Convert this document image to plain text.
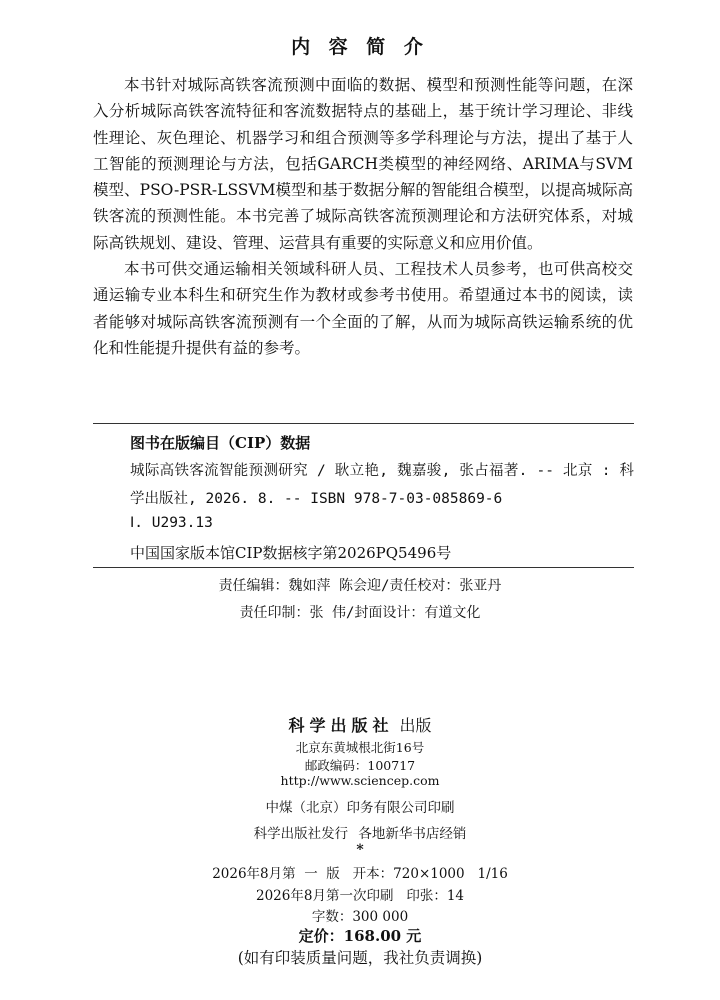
内 容 简 介

本书针对城际高铁客流预测中面临的数据、模型和预测性能等问题，在深入分析城际高铁客流特征和客流数据特点的基础上，基于统计学习理论、非线性理论、灰色理论、机器学习和组合预测等多学科理论与方法，提出了基于人工智能的预测理论与方法，包括GARCH类模型的神经网络、ARIMA与SVM模型、PSO-PSR-LSSVM模型和基于数据分解的智能组合模型，以提高城际高铁客流的预测性能。本书完善了城际高铁客流预测理论和方法研究体系，对城际高铁规划、建设、管理、运营具有重要的实际意义和应用价值。

本书可供交通运输相关领域科研人员、工程技术人员参考，也可供高校交通运输专业本科生和研究生作为教材或参考书使用。希望通过本书的阅读，读者能够对城际高铁客流预测有一个全面的了解，从而为城际高铁运输系统的优化和性能提升提供有益的参考。

图书在版编目（CIP）数据
城际高铁客流智能预测研究 / 耿立艳, 魏嘉骏, 张占福著. -- 北京 : 科学出版社, 2026. 8. -- ISBN 978-7-03-085869-6
Ⅰ. U293.13
中国国家版本馆CIP数据核字第2026PQ5496号
责任编辑：魏如萍 陈会迎/责任校对：张亚丹
责任印制：张 伟/封面设计：有道文化
科学出版社 出版
北京东黄城根北街16号
邮政编码：100717
http://www.sciencep.com
中煤（北京）印务有限公司印刷
科学出版社发行 各地新华书店经销
*
2026年8月第  一  版   开本：720×1000   1/16
2026年8月第一次印刷   印张：14
字数：300 000
定价：168.00 元
(如有印装质量问题，我社负责调换)
